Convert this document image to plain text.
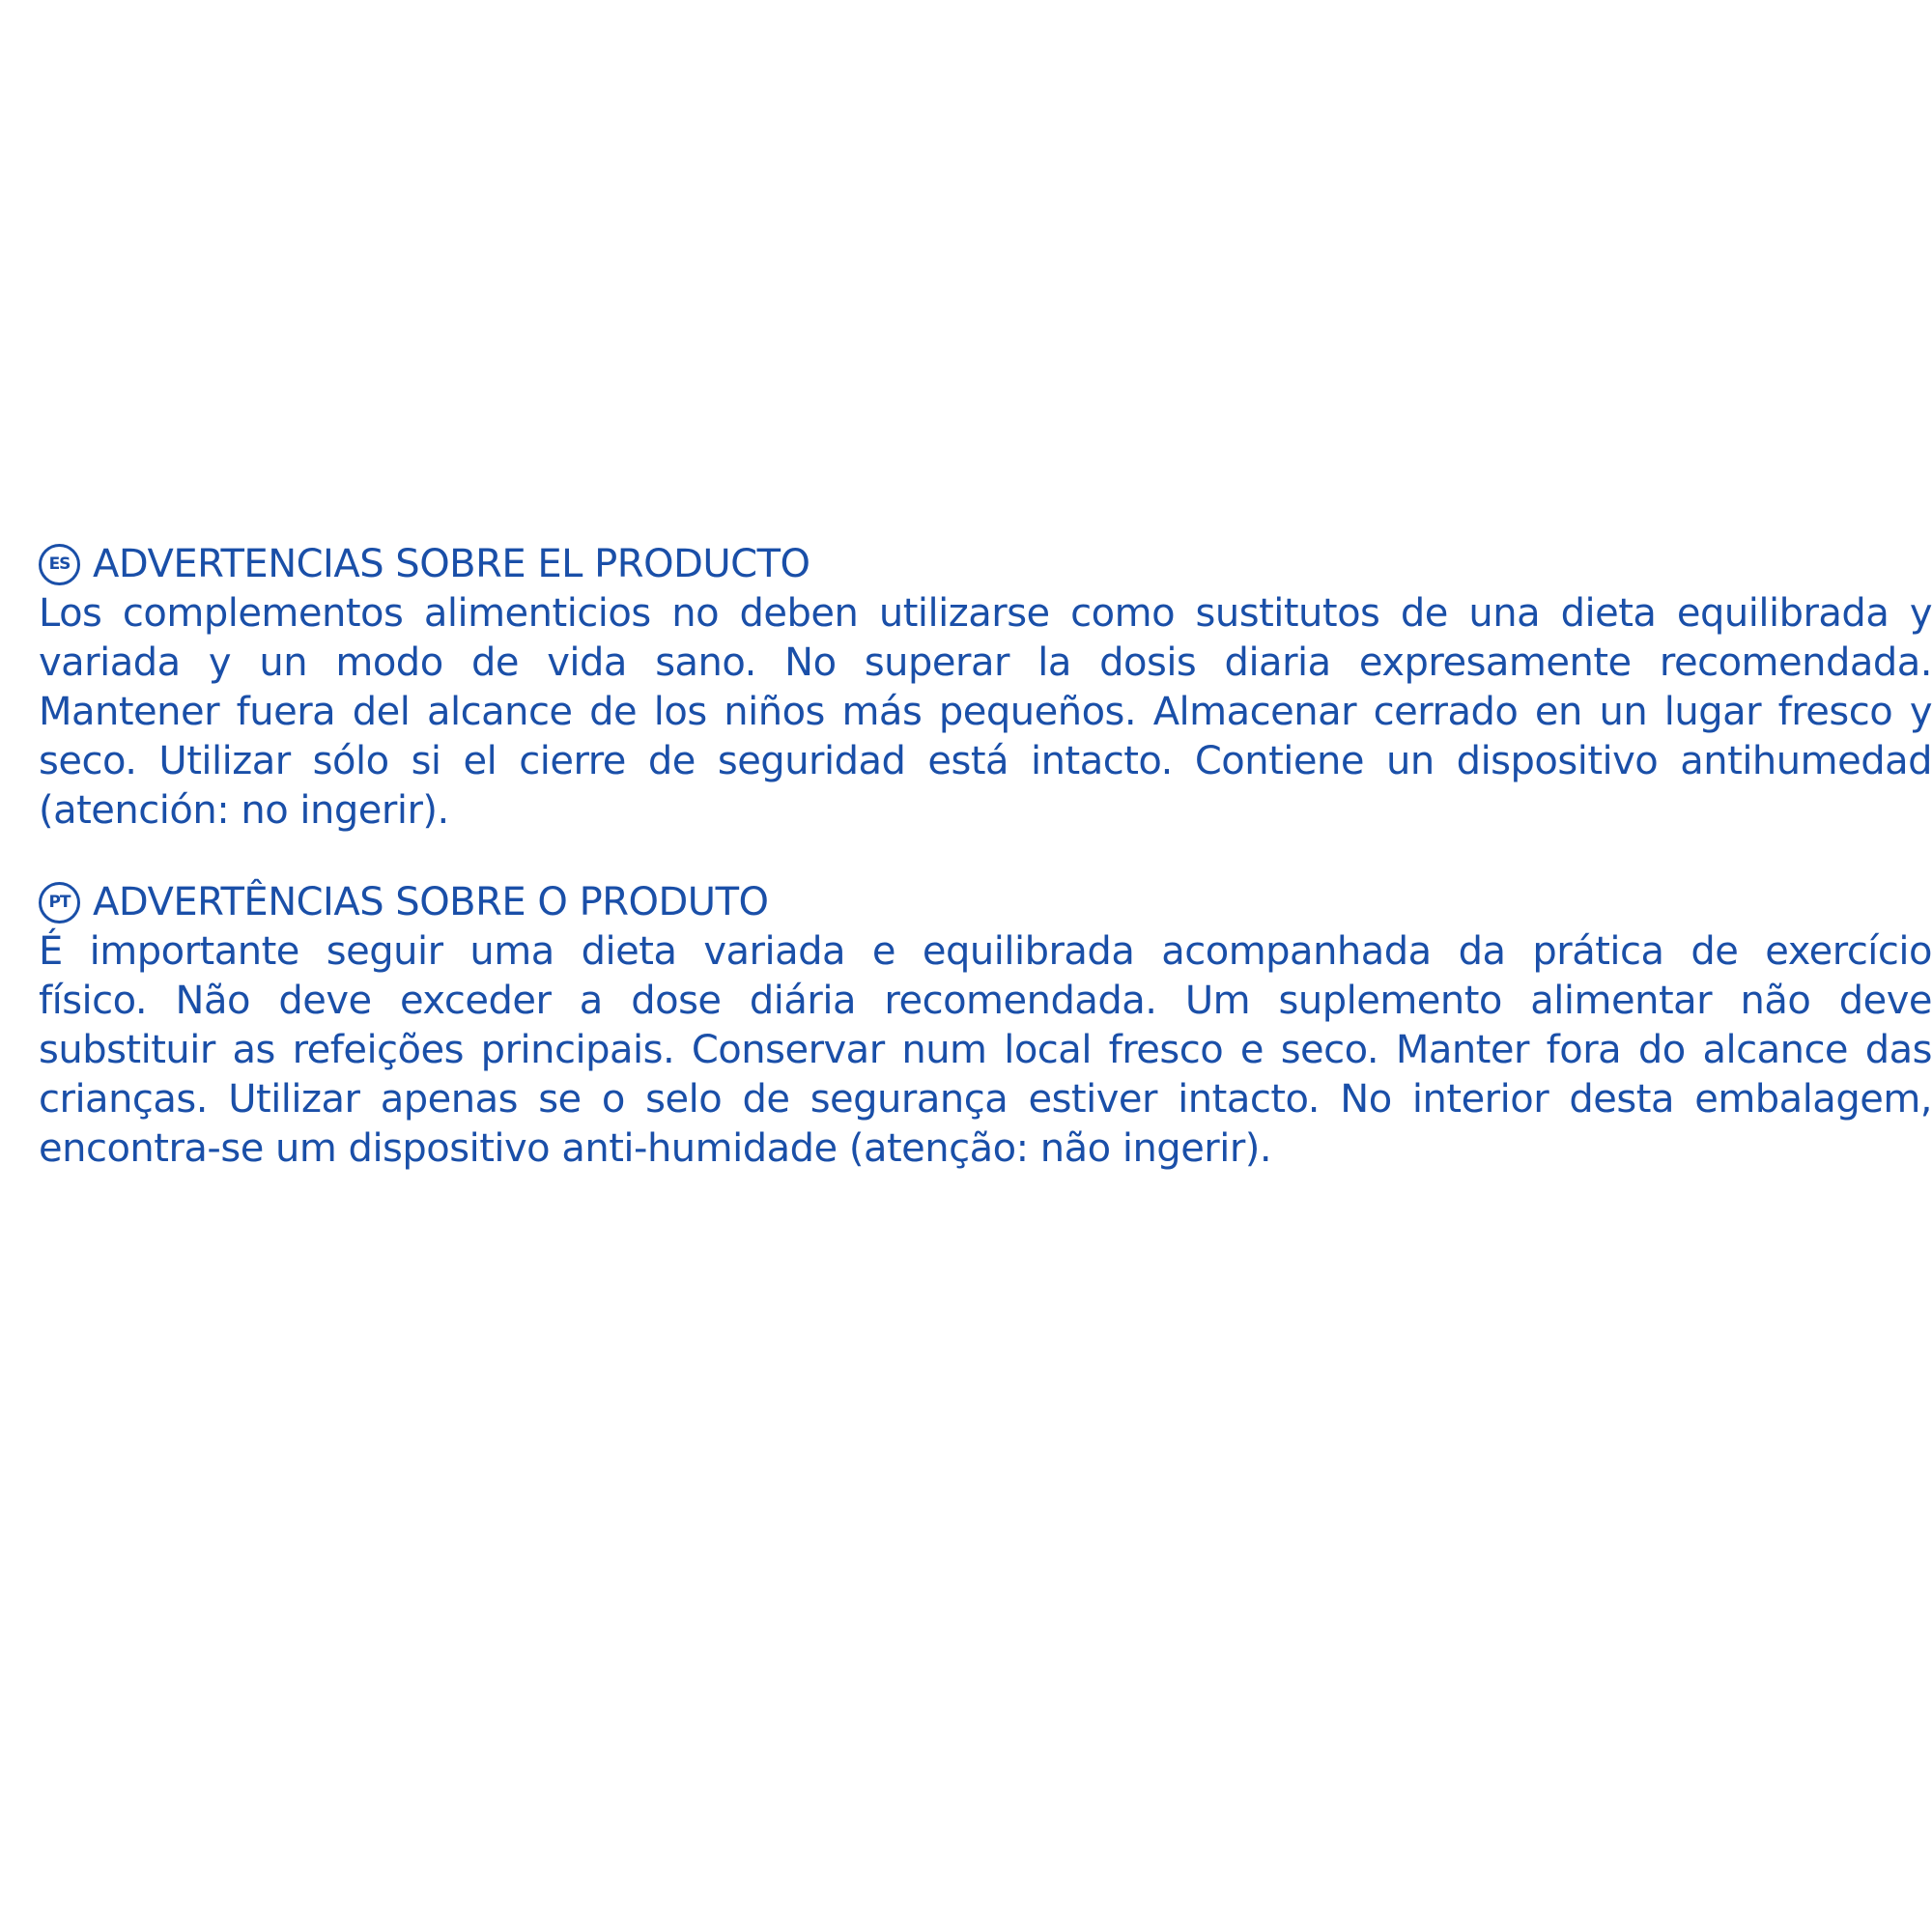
ES ADVERTENCIAS SOBRE EL PRODUCTO
Los complementos alimenticios no deben utilizarse como sustitutos de una dieta equilibrada y
variada y un modo de vida sano. No superar la dosis diaria expresamente recomendada.
Mantener fuera del alcance de los niños más pequeños. Almacenar cerrado en un lugar fresco y
seco. Utilizar sólo si el cierre de seguridad está intacto. Contiene un dispositivo antihumedad
(atención: no ingerir).
PT ADVERTÊNCIAS SOBRE O PRODUTO
É importante seguir uma dieta variada e equilibrada acompanhada da prática de exercício
físico. Não deve exceder a dose diária recomendada. Um suplemento alimentar não deve
substituir as refeições principais. Conservar num local fresco e seco. Manter fora do alcance das
crianças. Utilizar apenas se o selo de segurança estiver intacto. No interior desta embalagem,
encontra-se um dispositivo anti-humidade (atenção: não ingerir).
